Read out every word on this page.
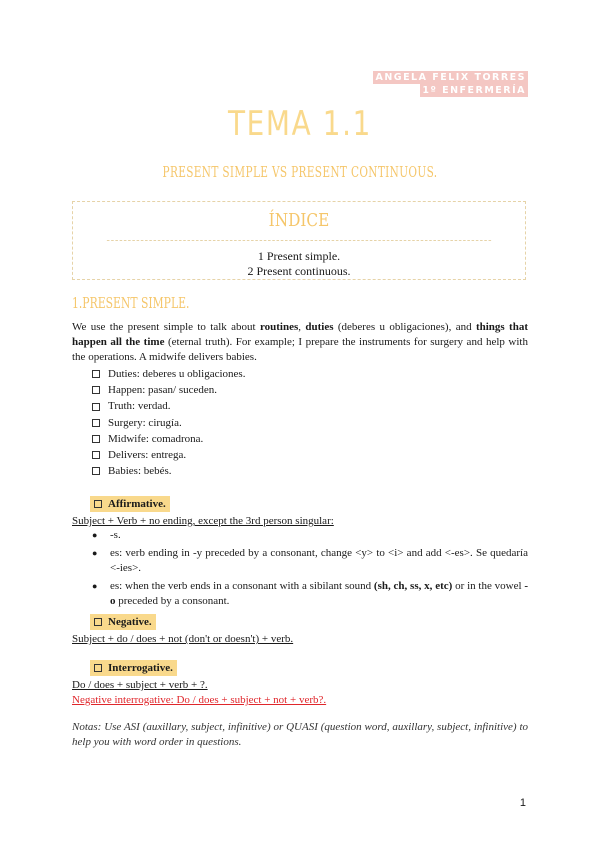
ANGELA FELIX TORRES
1º ENFERMERÍA
TEMA 1.1
PRESENT SIMPLE VS PRESENT CONTINUOUS.
ÍNDICE
1 Present simple.
2 Present continuous.
1.PRESENT SIMPLE.
We use the present simple to talk about routines, duties (deberes u obligaciones), and things that happen all the time (eternal truth). For example; I prepare the instruments for surgery and help with the operations. A midwife delivers babies.
Duties: deberes u obligaciones.
Happen: pasan/ suceden.
Truth: verdad.
Surgery: cirugía.
Midwife: comadrona.
Delivers: entrega.
Babies: bebés.
Affirmative.
Subject + Verb + no ending, except the 3rd person singular:
●	-s.
●	es: verb ending in -y preceded by a consonant, change <y> to <i> and add <-es>. Se quedaría <-ies>.
●	es: when the verb ends in a consonant with a sibilant sound (sh, ch, ss, x, etc) or in the vowel -o preceded by a consonant.
Negative.
Subject + do / does + not (don't or doesn't) + verb.
Interrogative.
Do / does + subject + verb + ?.
Negative interrogative: Do / does + subject + not + verb?.
Notas: Use ASI (auxillary, subject, infinitive) or QUASI (question word, auxillary, subject, infinitive) to help you with word order in questions.
1
